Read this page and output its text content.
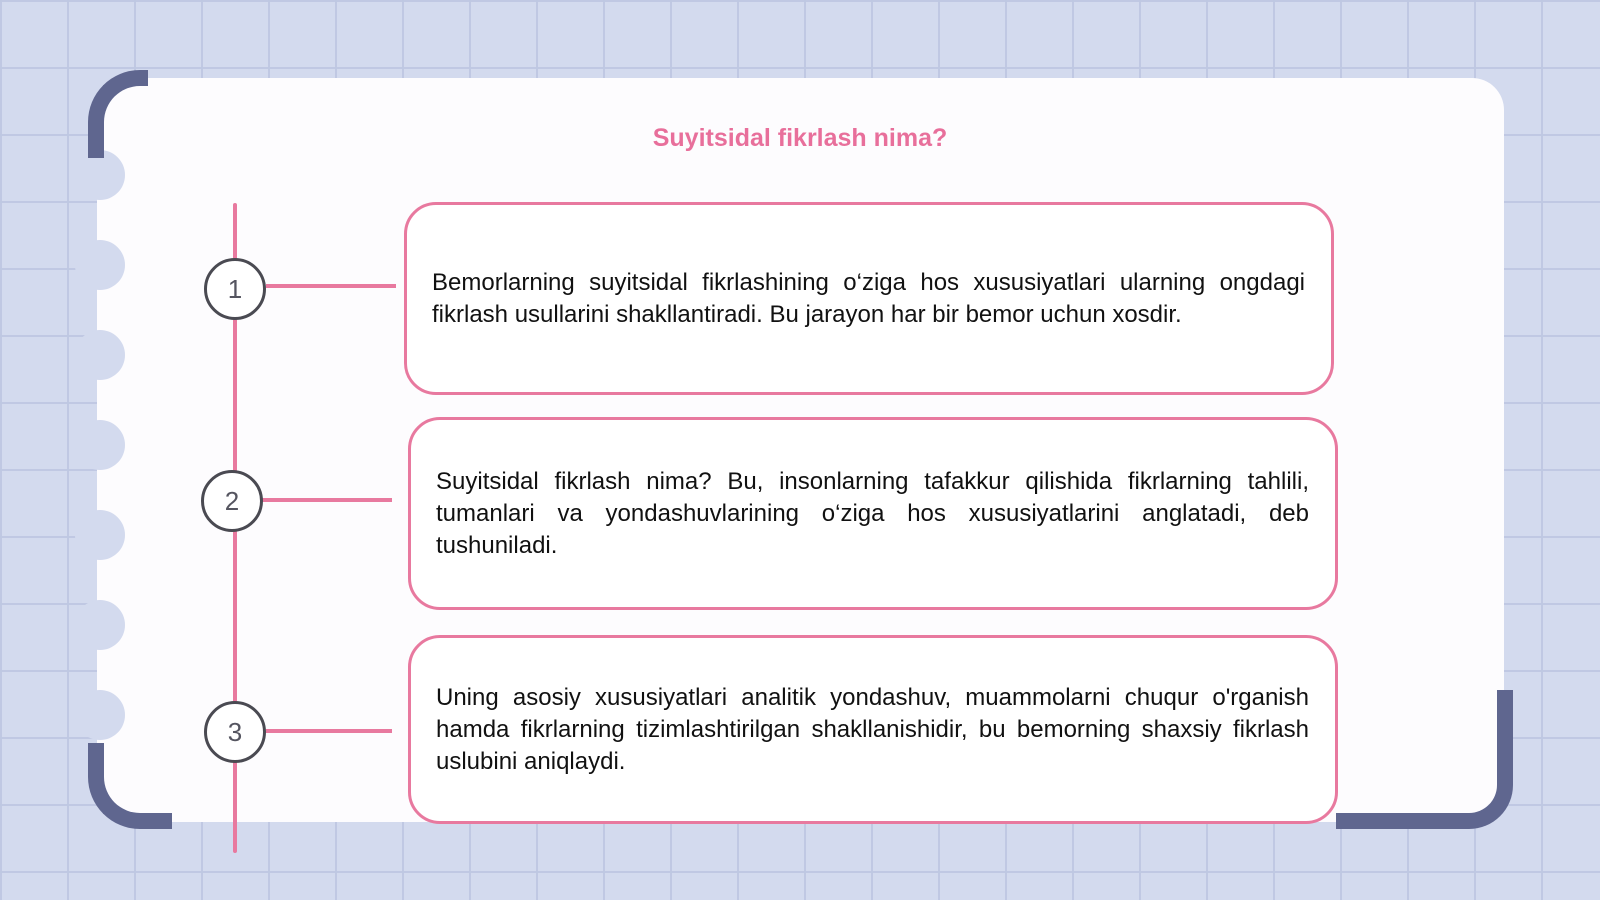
Suyitsidal fikrlash nima?
1
2
3

Bemorlarning suyitsidal fikrlashining o‘ziga hos xususiyatlari ularning ongdagi fikrlash usullarini shakllantiradi. Bu jarayon har bir bemor uchun xosdir.

Suyitsidal fikrlash nima? Bu, insonlarning tafakkur qilishida fikrlarning tahlili, tumanlari va yondashuvlarining o‘ziga hos xususiyatlarini anglatadi, deb tushuniladi.

Uning asosiy xususiyatlari analitik yondashuv, muammolarni chuqur o'rganish hamda fikrlarning tizimlashtirilgan shakllanishidir, bu bemorning shaxsiy fikrlash uslubini aniqlaydi.
